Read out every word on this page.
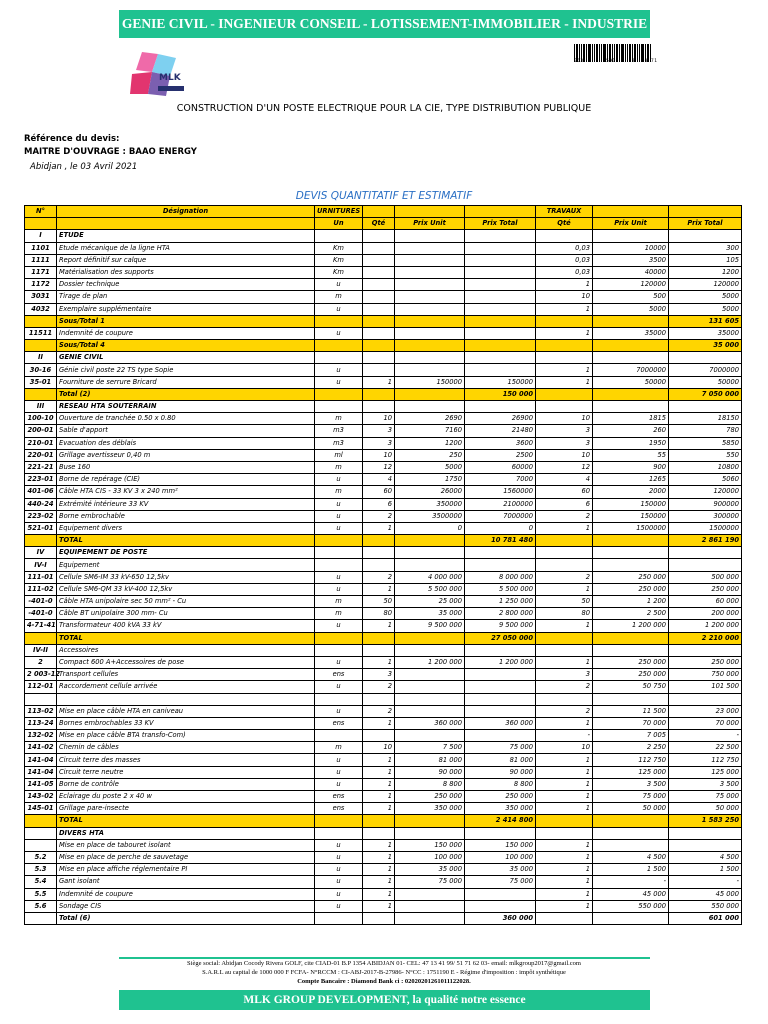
GENIE CIVIL - INGENIEUR CONSEIL - LOTISSEMENT-IMMOBILIER - INDUSTRIE
MLK
063      0591    18   0 71
CONSTRUCTION D'UN POSTE ELECTRIQUE POUR LA CIE, TYPE DISTRIBUTION PUBLIQUE
Référence du devis:
MAITRE D'OUVRAGE : BAAO ENERGY
Abidjan , le 03 Avril 2021
DEVIS QUANTITATIF ET ESTIMATIF
N°	Désignation	URNITURES				TRAVAUX		
		Un	Qté	Prix Unit	Prix Total	Qté	Prix Unit	Prix Total
I	ETUDE							
1101	Etude mécanique de la ligne HTA	Km				0,03	10000	300
1111	Report définitif sur calque	Km				0,03	3500	105
1171	Matérialisation des supports	Km				0,03	40000	1200
1172	Dossier technique	u				1	120000	120000
3031	Tirage de plan	m				10	500	5000
4032	Exemplaire supplémentaire	u				1	5000	5000
	Sous/Total 1							131 605
11511	Indemnité de coupure	u				1	35000	35000
	Sous/Total 4							35 000
II	GENIE CIVIL							
30-16	Génie civil poste 22 TS type Sopie	u				1	7000000	7000000
35-01	Fourniture de serrure Bricard	u	1	150000	150000	1	50000	50000
	Total (2)				150 000			7 050 000
III	RESEAU HTA SOUTERRAIN							
100-10	Ouverture de tranchée 0.50 x 0.80	m	10	2690	26900	10	1815	18150
200-01	Sable d'apport	m3	3	7160	21480	3	260	780
210-01	Evacuation des déblais	m3	3	1200	3600	3	1950	5850
220-01	Grillage avertisseur 0,40 m	ml	10	250	2500	10	55	550
221-21	Buse 160	m	12	5000	60000	12	900	10800
223-01	Borne de repérage (CIE)	u	4	1750	7000	4	1265	5060
401-06	Câble HTA CIS - 33 KV 3 x 240 mm²	m	60	26000	1560000	60	2000	120000
440-24	Extrémité intérieure 33 KV	u	6	350000	2100000	6	150000	900000
223-02	Borne embrochable	u	2	3500000	7000000	2	150000	300000
521-01	Equipement divers	u	1	0	0	1	1500000	1500000
	TOTAL				10 781 480			2 861 190
IV	EQUIPEMENT DE POSTE							
IV-I	Equipement							
111-01	Cellule SM6-IM 33 kV-650 12,5kv	u	2	4 000 000	8 000 000	2	250 000	500 000
111-02	Cellule SM6-QM 33 kV-400 12,5kv	u	1	5 500 000	5 500 000	1	250 000	250 000
-401-0	Câble HTA unipolaire sec 50 mm² - Cu	m	50	25 000	1 250 000	50	1 200	60 000
-401-0	Câble BT unipolaire 300 mm- Cu	m	80	35 000	2 800 000	80	2 500	200 000
4-71-41	Transformateur 400 kVA 33 kV	u	1	9 500 000	9 500 000	1	1 200 000	1 200 000
	TOTAL				27 050 000			2 210 000
IV-II	Accessoires							
2	Compact 600 A+Accessoires de pose	u	1	1 200 000	1 200 000	1	250 000	250 000
2 003-12	Transport cellules	ens	3			3	250 000	750 000
112-01	Raccordement cellule arrivée	u	2			2	50 750	101 500

113-02	Mise en place câble HTA en caniveau	u	2			2	11 500	23 000
113-24	Bornes embrochables 33 KV	ens	1	360 000	360 000	1	70 000	70 000
132-02	Mise en place câble BTA transfo-Com)					-	7 005	-
141-02	Chemin de câbles	m	10	7 500	75 000	10	2 250	22 500
141-04	Circuit terre des masses	u	1	81 000	81 000	1	112 750	112 750
141-04	Circuit terre neutre	u	1	90 000	90 000	1	125 000	125 000
141-05	Borne de contrôle	u	1	8 800	8 800	1	3 500	3 500
143-02	Eclairage du poste 2 x 40 w	ens	1	250 000	250 000	1	75 000	75 000
145-01	Grillage pare-insecte	ens	1	350 000	350 000	1	50 000	50 000
	TOTAL				2 414 800			1 583 250
	DIVERS HTA							
	Mise en place de tabouret isolant	u	1	150 000	150 000	1		
5.2	Mise en place de perche de sauvetage	u	1	100 000	100 000	1	4 500	4 500
5.3	Mise en place affiche réglementaire PI	u	1	35 000	35 000	1	1 500	1 500
5.4	Gant isolant	u	1	75 000	75 000	1	-	-
5.5	Indemnité de coupure	u	1			1	45 000	45 000
5.6	Sondage CIS	u	1			1	550 000	550 000
	Total (6)				360 000			601 000
Siège social: Abidjan Cocody Rivera GOLF, cite CIAD-01 B.P 1354 ABIDJAN 01- CEL: 47 13 41 99/ 51 71 62 03- email: mlkgroup2017@gmail.com
S.A.R.L au capital de 1000 000 F FCFA- N°RCCM : CI-ABJ-2017-B-27986- N°CC : 1751190 E - Régime d'imposition : impôt synthétique
Compte Bancaire : Diamond Bank ci : 02020201261011122028.
MLK GROUP DEVELOPMENT, la qualité notre essence
